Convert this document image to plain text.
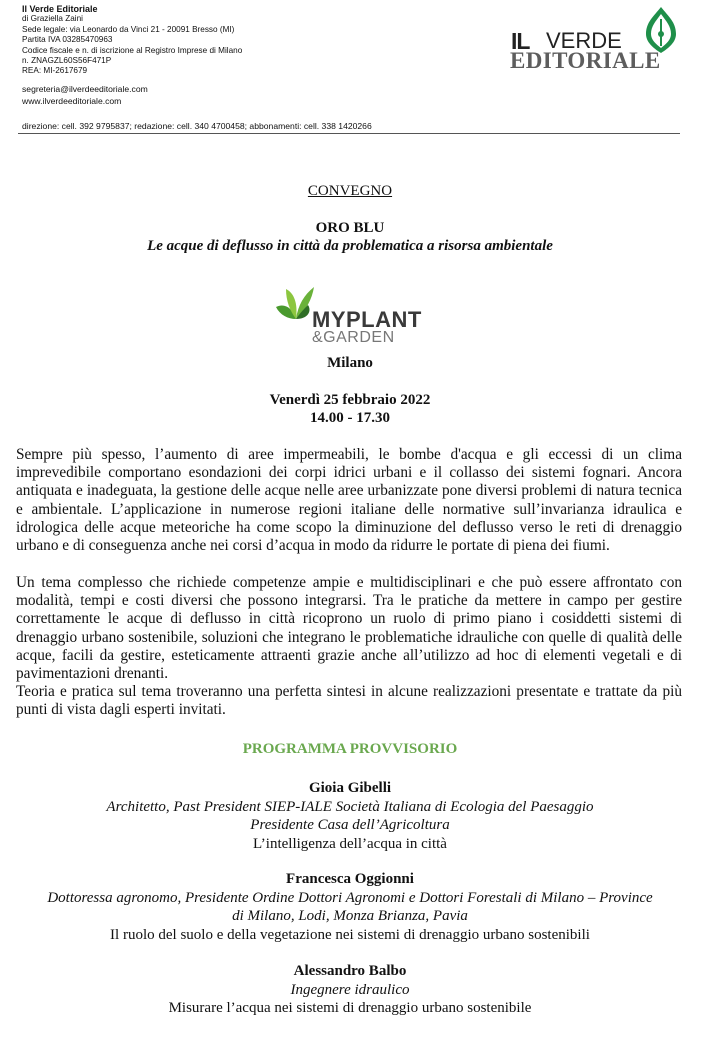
Il Verde Editoriale
di Graziella Zaini
Sede legale: via Leonardo da Vinci 21 - 20091 Bresso (MI)
Partita IVA 03285470963
Codice fiscale e n. di iscrizione al Registro Imprese di Milano
n. ZNAGZL60S56F471P
REA: MI-2617679
segreteria@ilverdeeditoriale.com
www.ilverdeeditoriale.com
direzione: cell. 392 9795837; redazione: cell. 340 4700458; abbonamenti: cell. 338 1420266
IL VERDE
EDITORIALE
CONVEGNO
ORO BLU
Le acque di deflusso in città da problematica a risorsa ambientale
MYPLANT
&GARDEN
Milano
Venerdì 25 febbraio 2022
14.00 - 17.30
Sempre più spesso, l’aumento di aree impermeabili, le bombe d'acqua e gli eccessi di un clima imprevedibile comportano esondazioni dei corpi idrici urbani e il collasso dei sistemi fognari. Ancora antiquata e inadeguata, la gestione delle acque nelle aree urbanizzate pone diversi problemi di natura tecnica e ambientale. L’applicazione in numerose regioni italiane delle normative sull’invarianza idraulica e idrologica delle acque meteoriche ha come scopo la diminuzione del deflusso verso le reti di drenaggio urbano e di conseguenza anche nei corsi d’acqua in modo da ridurre le portate di piena dei fiumi.
Un tema complesso che richiede competenze ampie e multidisciplinari e che può essere affrontato con modalità, tempi e costi diversi che possono integrarsi. Tra le pratiche da mettere in campo per gestire correttamente le acque di deflusso in città ricoprono un ruolo di primo piano i cosiddetti sistemi di drenaggio urbano sostenibile, soluzioni che integrano le problematiche idrauliche con quelle di qualità delle acque, facili da gestire, esteticamente attraenti grazie anche all’utilizzo ad hoc di elementi vegetali e di pavimentazioni drenanti.
Teoria e pratica sul tema troveranno una perfetta sintesi in alcune realizzazioni presentate e trattate da più punti di vista dagli esperti invitati.
PROGRAMMA PROVVISORIO
Gioia Gibelli
Architetto, Past President SIEP-IALE Società Italiana di Ecologia del Paesaggio
Presidente Casa dell’Agricoltura
L’intelligenza dell’acqua in città
Francesca Oggionni
Dottoressa agronomo, Presidente Ordine Dottori Agronomi e Dottori Forestali di Milano – Province
di Milano, Lodi, Monza Brianza, Pavia
Il ruolo del suolo e della vegetazione nei sistemi di drenaggio urbano sostenibili
Alessandro Balbo
Ingegnere idraulico
Misurare l’acqua nei sistemi di drenaggio urbano sostenibile
